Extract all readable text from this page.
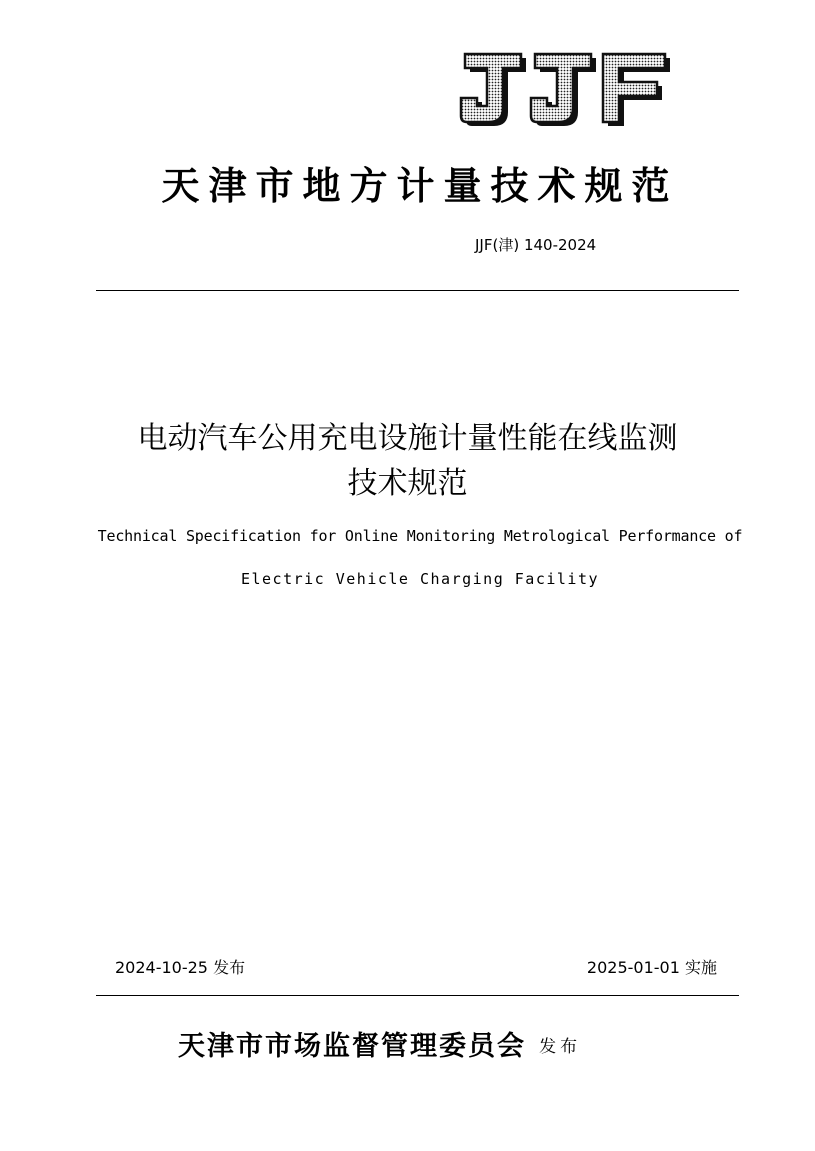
天津市地方计量技术规范
JJF(津) 140-2024
电动汽车公用充电设施计量性能在线监测
技术规范
Technical Specification for Online Monitoring Metrological Performance of
Electric Vehicle Charging Facility
2024-10-25 发布	2025-01-01 实施
天津市市场监督管理委员会 发布
